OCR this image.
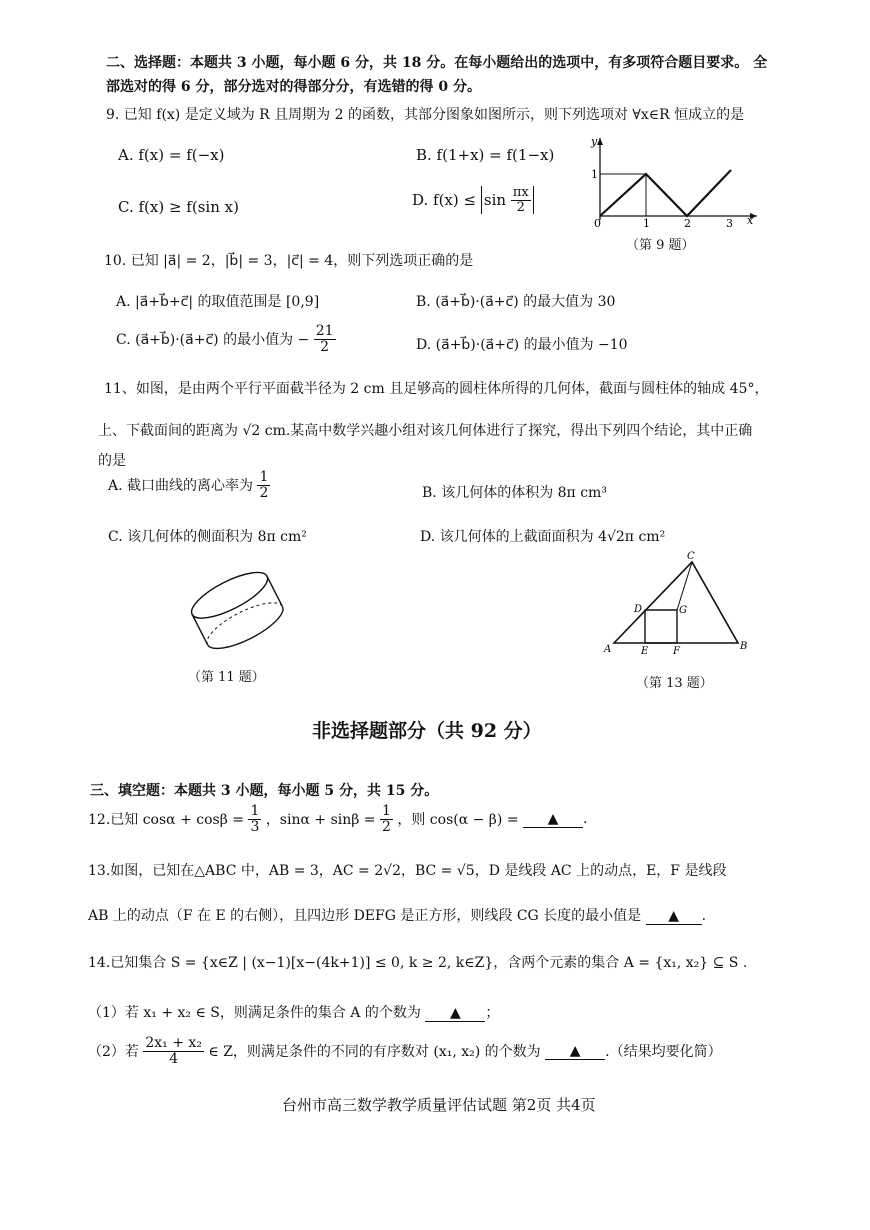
二、选择题：本题共 3 小题，每小题 6 分，共 18 分。在每小题给出的选项中，有多项符合题目要求。 全
部选对的得 6 分，部分选对的得部分分，有选错的得 0 分。
9. 已知 f(x) 是定义域为 R 且周期为 2 的函数，其部分图象如图所示，则下列选项对 ∀x∈R 恒成立的是
A. f(x) = f(−x)	B. f(1+x) = f(1−x)
C. f(x) ≥ f(sin x)	D. $f(x) \le \sin \frac{\pi x}{2}$
y
1
0	1	2	3 x
（第 9 题）
10. 已知 |a⃗| = 2，|b⃗| = 3，|c⃗| = 4，则下列选项正确的是
A. |a⃗+b⃗+c⃗| 的取值范围是 [0,9]	B. (a⃗+b⃗)·(a⃗+c⃗) 的最大值为 30
C. (a⃗+b⃗)·(a⃗+c⃗) 的最小值为 − $\frac{21}{2}$	D. (a⃗+b⃗)·(a⃗+c⃗) 的最小值为 −10
11、如图，是由两个平行平面截半径为 2 cm 且足够高的圆柱体所得的几何体，截面与圆柱体的轴成 45°，
上、下截面间的距离为 √2 cm.某高中数学兴趣小组对该几何体进行了探究，得出下列四个结论，其中正确
的是
A. 截口曲线的离心率为 $\frac{1}{2}$	B. 该几何体的体积为 8π cm³
C. 该几何体的侧面积为 8π cm²	D. 该几何体的上截面面积为 4√2π cm²
（第 11 题）
A	B
C
D
E F
G
（第 13 题）
非选择题部分（共 92 分）
三、填空题：本题共 3 小题，每小题 5 分，共 15 分。
12.已知 $\cos\alpha + \cos\beta = \frac{1}{3}$ ，$\sin\alpha + \sin\beta = \frac{1}{2}$ ，则 cos(α − β) = ▲ .
13.如图，已知在△ABC 中，AB = 3，AC = 2√2，BC = √5，D 是线段 AC 上的动点，E，F 是线段
AB 上的动点（F 在 E 的右侧），且四边形 DEFG 是正方形，则线段 CG 长度的最小值是 ▲ .
14.已知集合 S = {x∈Z | (x−1)[x−(4k+1)] ≤ 0, k ≥ 2, k∈Z}，含两个元素的集合 A = {x₁, x₂} ⊆ S .
（1）若 x₁ + x₂ ∈ S，则满足条件的集合 A 的个数为 ▲ ；
（2）若 $\frac{\text{2x₁ + x₂}}{4}$ ∈ Z，则满足条件的不同的有序数对 (x₁, x₂) 的个数为 ▲ .（结果均要化简）
台州市高三数学教学质量评估试题 第2页 共4页
